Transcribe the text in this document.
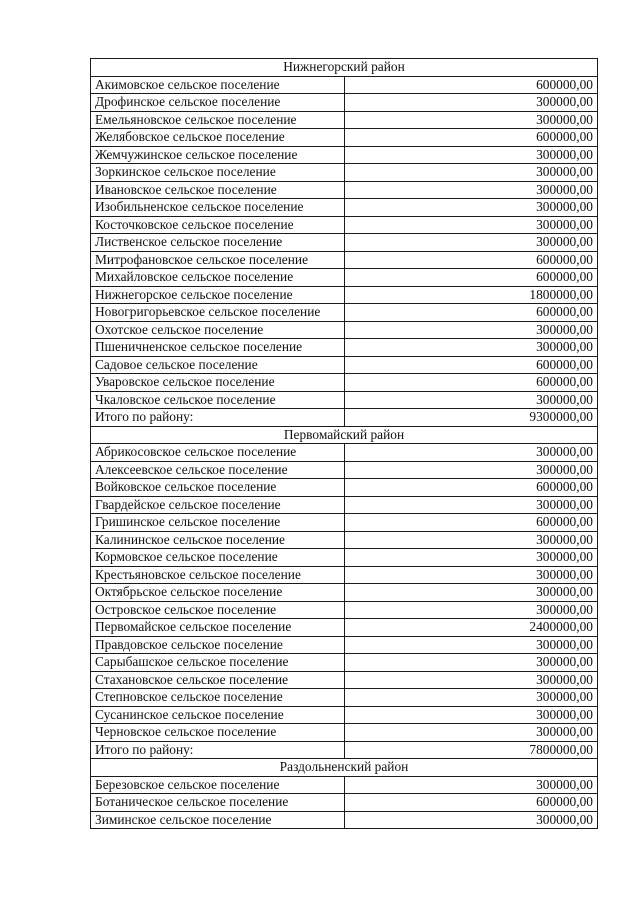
Нижнегорский район	
Акимовское сельское поселение	600000,00
Дрофинское сельское поселение	300000,00
Емельяновское сельское поселение	300000,00
Желябовское сельское поселение	600000,00
Жемчужинское сельское поселение	300000,00
Зоркинское сельское поселение	300000,00
Ивановское сельское поселение	300000,00
Изобильненское сельское поселение	300000,00
Косточковское сельское поселение	300000,00
Лиственское сельское поселение	300000,00
Митрофановское сельское поселение	600000,00
Михайловское сельское поселение	600000,00
Нижнегорское сельское поселение	1800000,00
Новогригорьевское сельское поселение	600000,00
Охотское сельское поселение	300000,00
Пшеничненское сельское поселение	300000,00
Садовое сельское поселение	600000,00
Уваровское сельское поселение	600000,00
Чкаловское сельское поселение	300000,00
Итого по району:	9300000,00
Первомайский район	
Абрикосовское сельское поселение	300000,00
Алексеевское сельское поселение	300000,00
Войковское сельское поселение	600000,00
Гвардейское сельское поселение	300000,00
Гришинское сельское поселение	600000,00
Калининское сельское поселение	300000,00
Кормовское сельское поселение	300000,00
Крестьяновское сельское поселение	300000,00
Октябрьское сельское поселение	300000,00
Островское сельское поселение	300000,00
Первомайское сельское поселение	2400000,00
Правдовское сельское поселение	300000,00
Сарыбашское сельское поселение	300000,00
Стахановское сельское поселение	300000,00
Степновское сельское поселение	300000,00
Сусанинское сельское поселение	300000,00
Черновское сельское поселение	300000,00
Итого по району:	7800000,00
Раздольненский район	
Березовское сельское поселение	300000,00
Ботаническое сельское поселение	600000,00
Зиминское сельское поселение	300000,00
